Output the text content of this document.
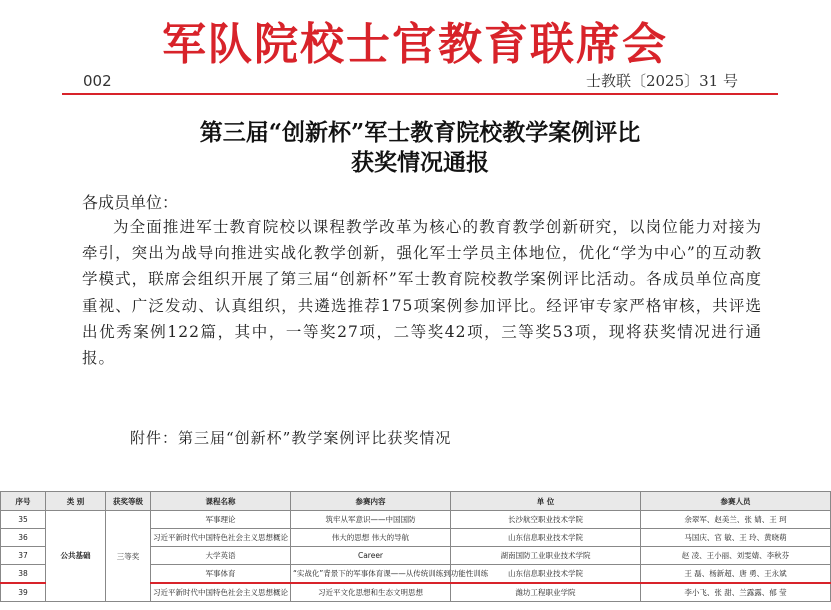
军队院校士官教育联席会
002	士教联〔2025〕31 号
第三届“创新杯”军士教育院校教学案例评比
获奖情况通报
各成员单位：

为全面推进军士教育院校以课程教学改革为核心的教育教学创新研究，以岗位能力对接为牵引，突出为战导向推进实战化教学创新，强化军士学员主体地位，优化“学为中心”的互动教学模式，联席会组织开展了第三届“创新杯”军士教育院校教学案例评比活动。各成员单位高度重视、广泛发动、认真组织，共遴选推荐175项案例参加评比。经评审专家严格审核，共评选出优秀案例122篇，其中，一等奖27项，二等奖42项，三等奖53项，现将获奖情况进行通报。

附件：第三届“创新杯”教学案例评比获奖情况
序号	类 别	获奖等级	课程名称	参赛内容	单 位	参赛人员
35	公共基础	三等奖	军事理论	筑牢从军意识——中国国防	长沙航空职业技术学院	余翠军、赵美兰、张 婧、王 珂
36			习近平新时代中国特色社会主义思想概论	伟大的思想 伟大的导航	山东信息职业技术学院	马国庆、官 敏、王 玲、黄晓萌
37			大学英语	Career	湖南国防工业职业技术学院	赵 凌、王小丽、刘雯婧、李秋芬
38			军事体育	“实战化”背景下的军事体育课——从传统训练到功能性训练	山东信息职业技术学院	王 磊、杨新超、唐 勇、王永斌
39			习近平新时代中国特色社会主义思想概论	习近平文化思想和生态文明思想	潍坊工程职业学院	李小飞、张 甜、兰露露、郁 莹
